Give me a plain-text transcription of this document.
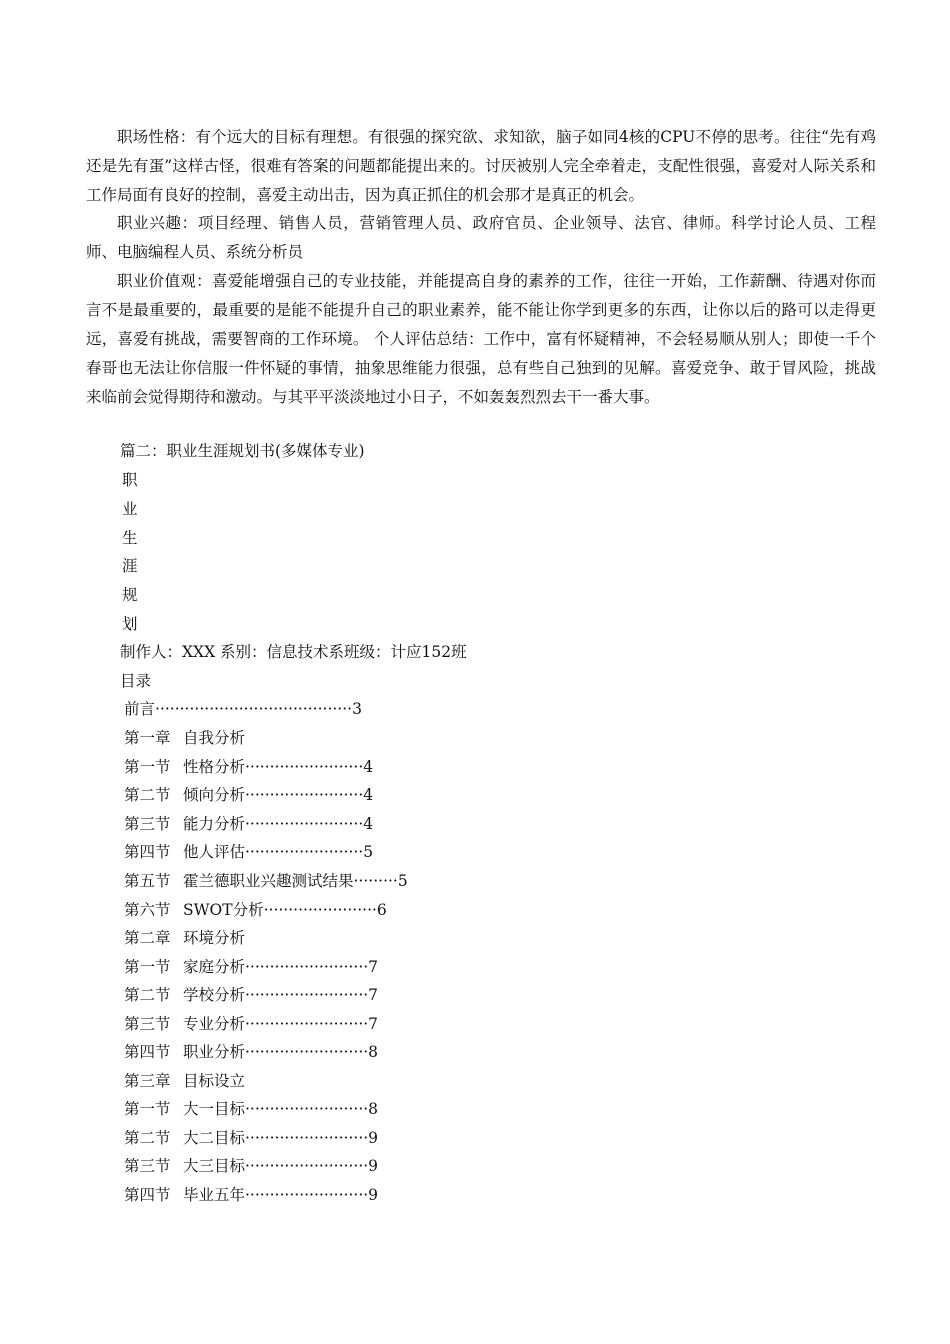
职场性格：有个远大的目标有理想。有很强的探究欲、求知欲，脑子如同4核的CPU不停的思考。往往“先有鸡还是先有蛋”这样古怪，很难有答案的问题都能提出来的。讨厌被别人完全牵着走，支配性很强，喜爱对人际关系和工作局面有良好的控制，喜爱主动出击，因为真正抓住的机会那才是真正的机会。

职业兴趣：项目经理、销售人员，营销管理人员、政府官员、企业领导、法官、律师。科学讨论人员、工程师、电脑编程人员、系统分析员

职业价值观：喜爱能增强自己的专业技能，并能提高自身的素养的工作，往往一开始，工作薪酬、待遇对你而言不是最重要的，最重要的是能不能提升自己的职业素养，能不能让你学到更多的东西，让你以后的路可以走得更远，喜爱有挑战，需要智商的工作环境。 个人评估总结：工作中，富有怀疑精神，不会轻易顺从别人；即使一千个春哥也无法让你信服一件怀疑的事情，抽象思维能力很强，总有些自己独到的见解。喜爱竞争、敢于冒风险，挑战来临前会觉得期待和激动。与其平平淡淡地过小日子，不如轰轰烈烈去干一番大事。

篇二：职业生涯规划书(多媒体专业)
职
业
生
涯
规
划
制作人：XXX 系别：信息技术系班级：计应152班
目录
前言········································3
第一章 自我分析
第一节 性格分析························4
第二节 倾向分析························4
第三节 能力分析························4
第四节 他人评估························5
第五节 霍兰德职业兴趣测试结果·········5
第六节 SWOT分析·······················6
第二章 环境分析
第一节 家庭分析·························7
第二节 学校分析·························7
第三节 专业分析·························7
第四节 职业分析·························8
第三章 目标设立
第一节 大一目标·························8
第二节 大二目标·························9
第三节 大三目标·························9
第四节 毕业五年·························9
